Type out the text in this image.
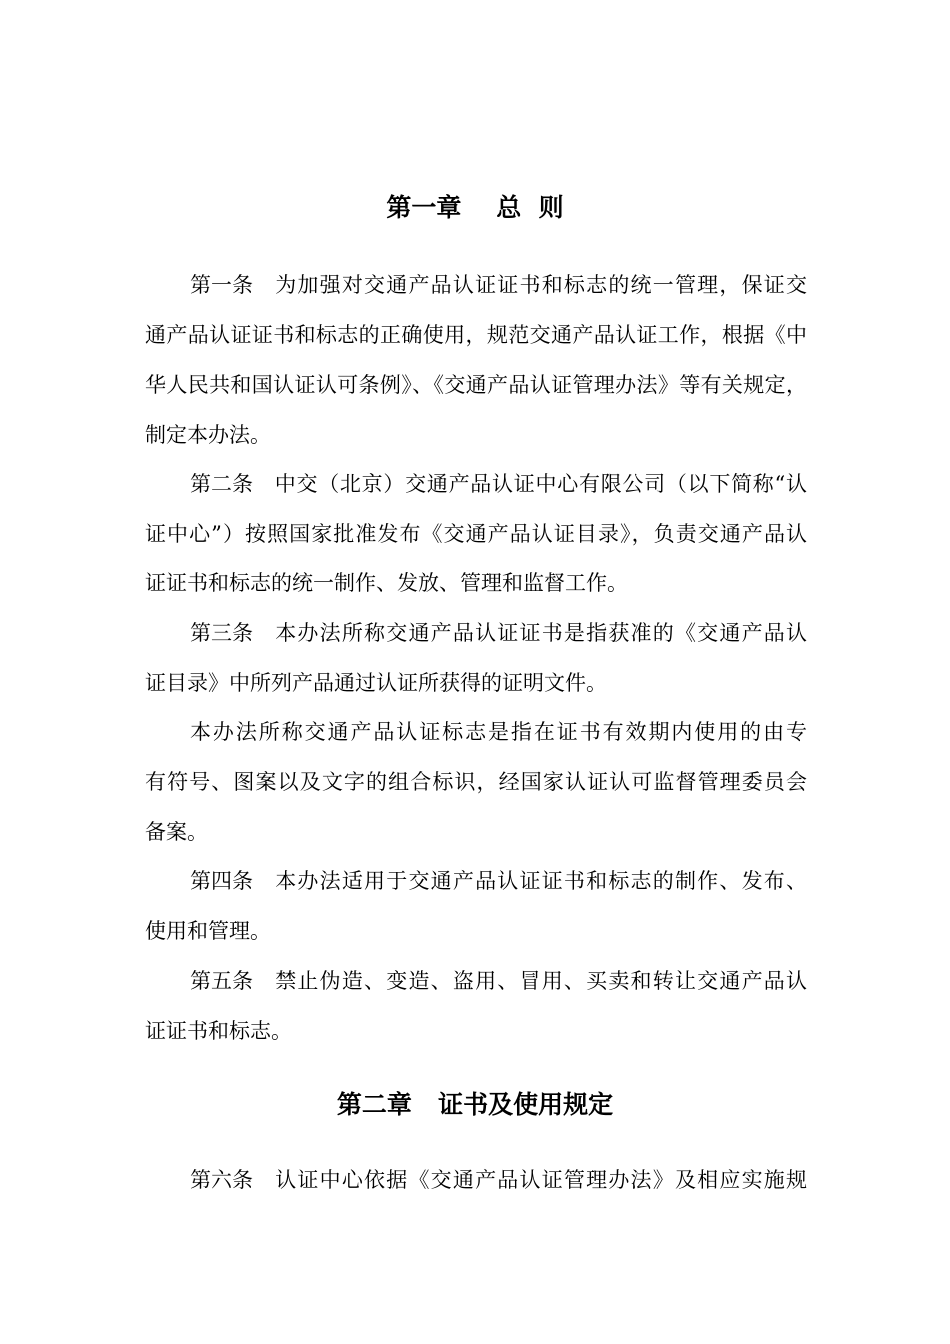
第一章 总  则
第一条 为加强对交通产品认证证书和标志的统一管理，保证交
通产品认证证书和标志的正确使用，规范交通产品认证工作，根据《中
华人民共和国认证认可条例》、《交通产品认证管理办法》等有关规定，
制定本办法。
第二条 中交（北京）交通产品认证中心有限公司（以下简称“认
证中心”）按照国家批准发布《交通产品认证目录》，负责交通产品认
证证书和标志的统一制作、发放、管理和监督工作。
第三条 本办法所称交通产品认证证书是指获准的《交通产品认
证目录》中所列产品通过认证所获得的证明文件。
本办法所称交通产品认证标志是指在证书有效期内使用的由专
有符号、图案以及文字的组合标识，经国家认证认可监督管理委员会
备案。
第四条 本办法适用于交通产品认证证书和标志的制作、发布、
使用和管理。
第五条 禁止伪造、变造、盗用、冒用、买卖和转让交通产品认
证证书和标志。
第二章 证书及使用规定
第六条 认证中心依据《交通产品认证管理办法》及相应实施规
